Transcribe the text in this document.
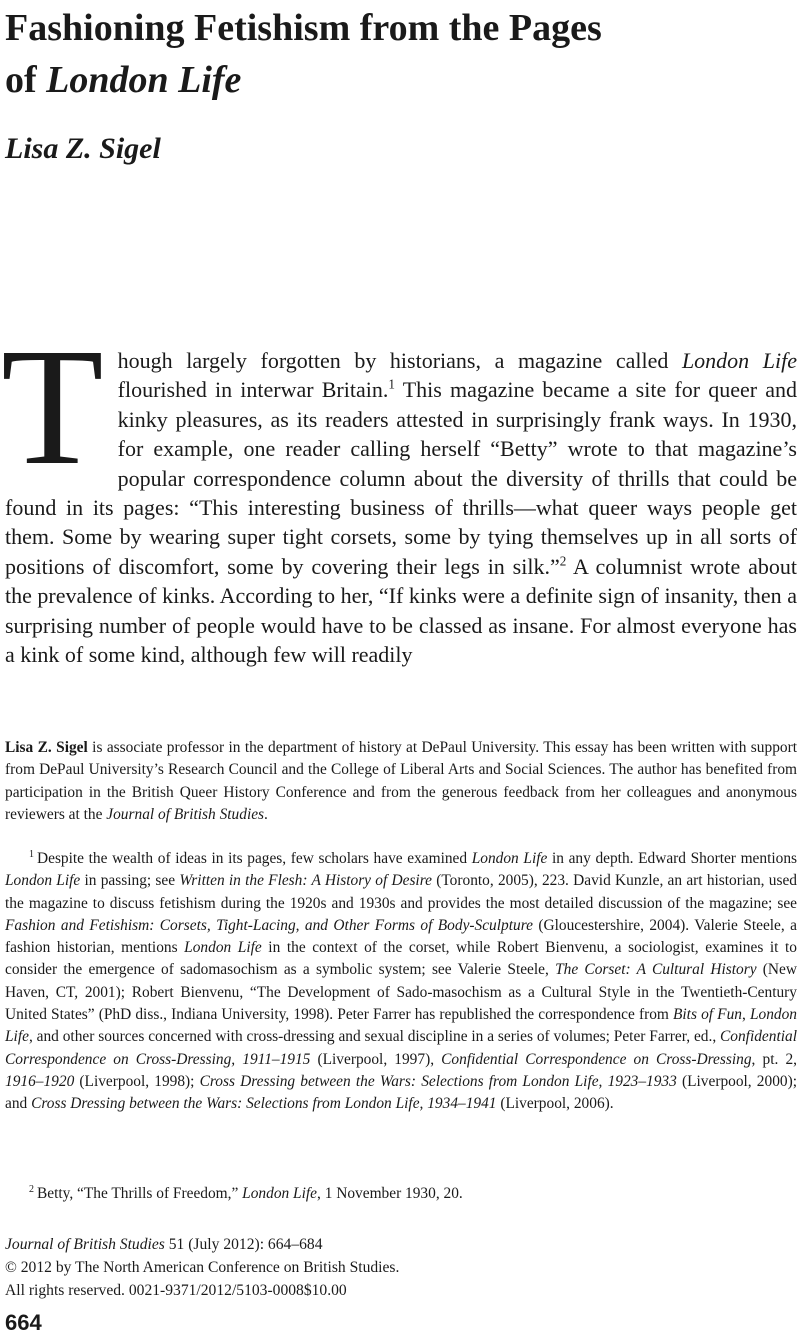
Fashioning Fetishism from the Pages
of London Life

Lisa Z. Sigel

Though largely forgotten by historians, a magazine called London Life flourished in interwar Britain.$^1$ This magazine became a site for queer and kinky pleasures, as its readers attested in surprisingly frank ways. In 1930, for example, one reader calling herself “Betty” wrote to that magazine’s popular correspondence column about the diversity of thrills that could be found in its pages: “This interesting business of thrills—what queer ways people get them. Some by wearing super tight corsets, some by tying themselves up in all sorts of positions of discomfort, some by covering their legs in silk.”$^2$ A columnist wrote about the prevalence of kinks. According to her, “If kinks were a definite sign of insanity, then a surprising number of people would have to be classed as insane. For almost everyone has a kink of some kind, although few will readily

Lisa Z. Sigel is associate professor in the department of history at DePaul University. This essay has been written with support from DePaul University’s Research Council and the College of Liberal Arts and Social Sciences. The author has benefited from participation in the British Queer History Conference and from the generous feedback from her colleagues and anonymous reviewers at the Journal of British Studies.

$^1$ Despite the wealth of ideas in its pages, few scholars have examined London Life in any depth. Edward Shorter mentions London Life in passing; see Written in the Flesh: A History of Desire (Toronto, 2005), 223. David Kunzle, an art historian, used the magazine to discuss fetishism during the 1920s and 1930s and provides the most detailed discussion of the magazine; see Fashion and Fetishism: Corsets, Tight-Lacing, and Other Forms of Body-Sculpture (Gloucestershire, 2004). Valerie Steele, a fashion historian, mentions London Life in the context of the corset, while Robert Bienvenu, a sociologist, examines it to consider the emergence of sadomasochism as a symbolic system; see Valerie Steele, The Corset: A Cultural History (New Haven, CT, 2001); Robert Bienvenu, “The Development of Sado-masochism as a Cultural Style in the Twentieth-Century United States” (PhD diss., Indiana University, 1998). Peter Farrer has republished the correspondence from Bits of Fun, London Life, and other sources concerned with cross-dressing and sexual discipline in a series of volumes; Peter Farrer, ed., Confidential Correspondence on Cross-Dressing, 1911–1915 (Liverpool, 1997), Confidential Correspondence on Cross-Dressing, pt. 2, 1916–1920 (Liverpool, 1998); Cross Dressing between the Wars: Selections from London Life, 1923–1933 (Liverpool, 2000); and Cross Dressing between the Wars: Selections from London Life, 1934–1941 (Liverpool, 2006).

$^2$ Betty, “The Thrills of Freedom,” London Life, 1 November 1930, 20.

Journal of British Studies 51 (July 2012): 664–684
© 2012 by The North American Conference on British Studies.
All rights reserved. 0021-9371/2012/5103-0008$10.00

664
